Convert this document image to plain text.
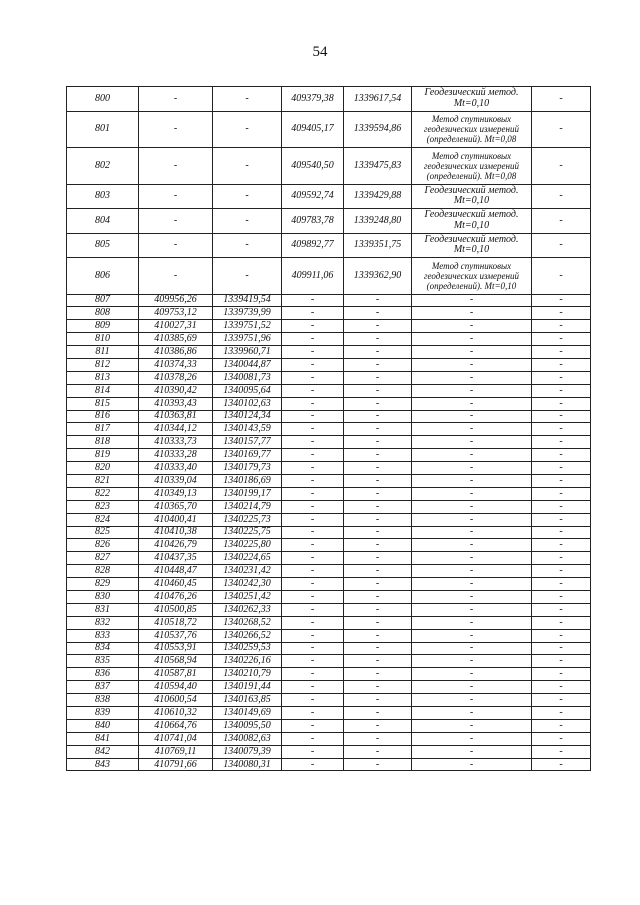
54
800	-	-	409379,38	1339617,54	Геодезический метод. Mt=0,10	-
801	-	-	409405,17	1339594,86	Метод спутниковых геодезических измерений (определений). Mt=0,08	-
802	-	-	409540,50	1339475,83	Метод спутниковых геодезических измерений (определений). Mt=0,08	-
803	-	-	409592,74	1339429,88	Геодезический метод. Mt=0,10	-
804	-	-	409783,78	1339248,80	Геодезический метод. Mt=0,10	-
805	-	-	409892,77	1339351,75	Геодезический метод. Mt=0,10	-
806	-	-	409911,06	1339362,90	Метод спутниковых геодезических измерений (определений). Mt=0,10	-
807	409956,26	1339419,54	-	-	-	-
808	409753,12	1339739,99	-	-	-	-
809	410027,31	1339751,52	-	-	-	-
810	410385,69	1339751,96	-	-	-	-
811	410386,86	1339960,71	-	-	-	-
812	410374,33	1340044,87	-	-	-	-
813	410378,26	1340081,73	-	-	-	-
814	410390,42	1340095,64	-	-	-	-
815	410393,43	1340102,63	-	-	-	-
816	410363,81	1340124,34	-	-	-	-
817	410344,12	1340143,59	-	-	-	-
818	410333,73	1340157,77	-	-	-	-
819	410333,28	1340169,77	-	-	-	-
820	410333,40	1340179,73	-	-	-	-
821	410339,04	1340186,69	-	-	-	-
822	410349,13	1340199,17	-	-	-	-
823	410365,70	1340214,79	-	-	-	-
824	410400,41	1340225,73	-	-	-	-
825	410410,38	1340225,75	-	-	-	-
826	410426,79	1340225,80	-	-	-	-
827	410437,35	1340224,65	-	-	-	-
828	410448,47	1340231,42	-	-	-	-
829	410460,45	1340242,30	-	-	-	-
830	410476,26	1340251,42	-	-	-	-
831	410500,85	1340262,33	-	-	-	-
832	410518,72	1340268,52	-	-	-	-
833	410537,76	1340266,52	-	-	-	-
834	410553,91	1340259,53	-	-	-	-
835	410568,94	1340226,16	-	-	-	-
836	410587,81	1340210,79	-	-	-	-
837	410594,40	1340191,44	-	-	-	-
838	410600,54	1340163,85	-	-	-	-
839	410610,32	1340149,69	-	-	-	-
840	410664,76	1340095,50	-	-	-	-
841	410741,04	1340082,63	-	-	-	-
842	410769,11	1340079,39	-	-	-	-
843	410791,66	1340080,31	-	-	-	-
